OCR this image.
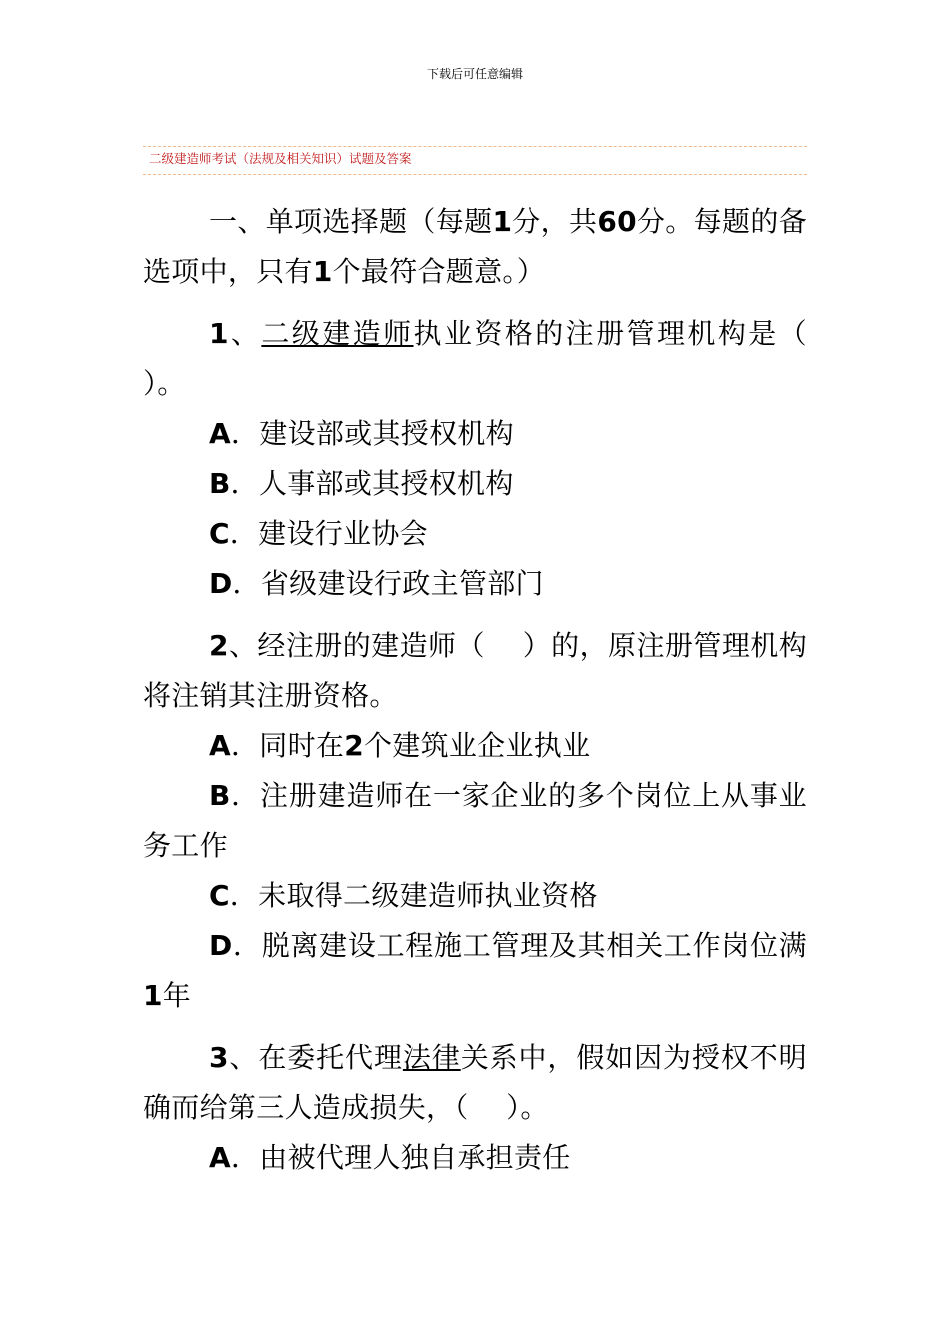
下载后可任意编辑
二级建造师考试（法规及相关知识）试题及答案

一、单项选择题（每题1分，共60分。每题的备选项中，只有1个最符合题意。）

1、二级建造师执业资格的注册管理机构是（　 ）。

A．建设部或其授权机构

B．人事部或其授权机构

C．建设行业协会

D．省级建设行政主管部门

2、经注册的建造师（　 ）的，原注册管理机构将注销其注册资格。

A．同时在2个建筑业企业执业

B．注册建造师在一家企业的多个岗位上从事业务工作

C．未取得二级建造师执业资格

D．脱离建设工程施工管理及其相关工作岗位满1年

3、在委托代理法律关系中，假如因为授权不明确而给第三人造成损失，（　 ）。

A．由被代理人独自承担责任
